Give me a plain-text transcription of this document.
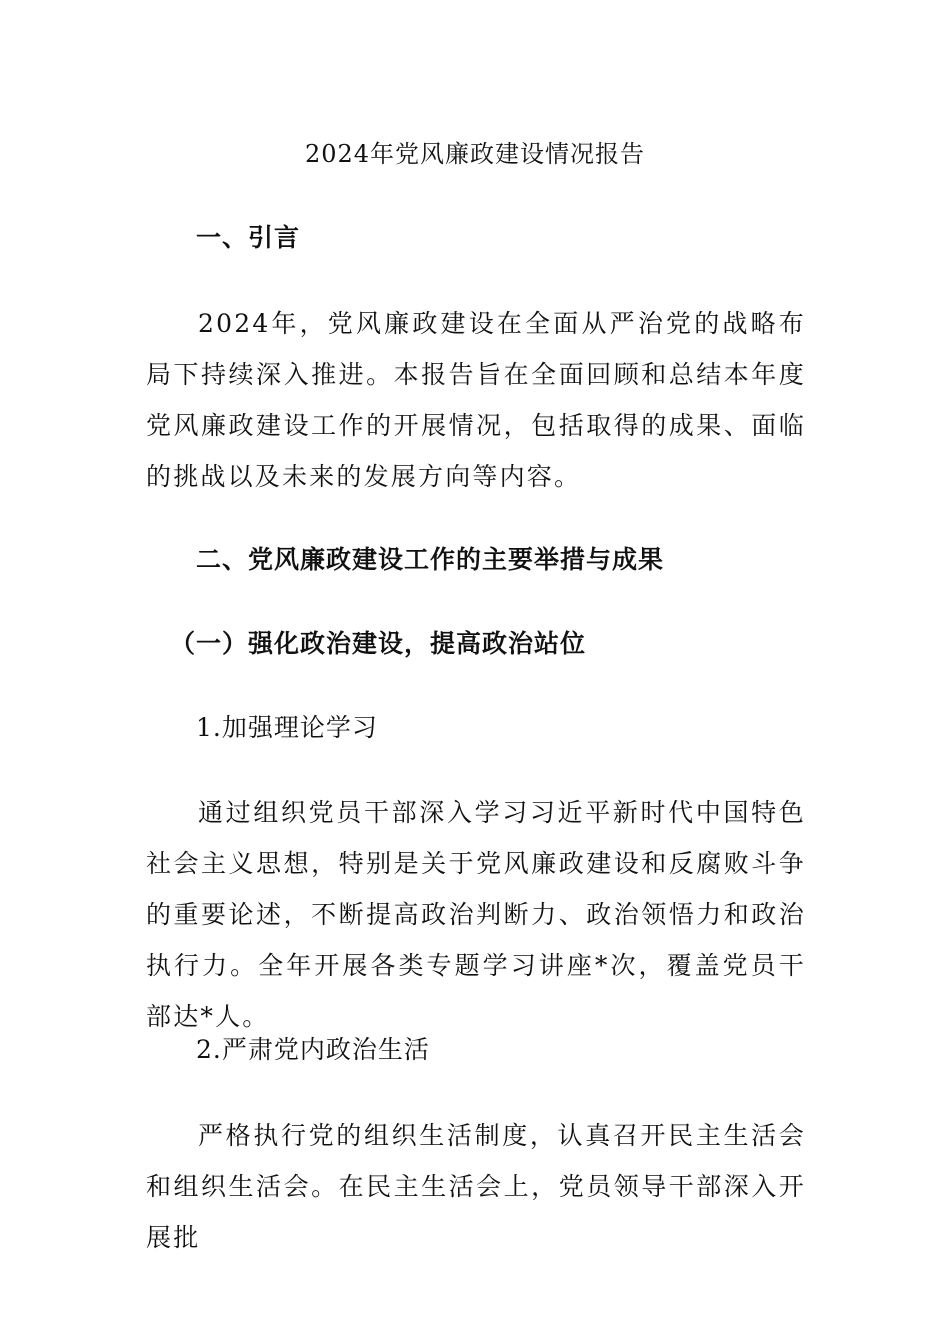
2024年党风廉政建设情况报告
一、引言

2024年，党风廉政建设在全面从严治党的战略布局下持续深入推进。本报告旨在全面回顾和总结本年度党风廉政建设工作的开展情况，包括取得的成果、面临的挑战以及未来的发展方向等内容。

二、党风廉政建设工作的主要举措与成果
（一）强化政治建设，提高政治站位
1.加强理论学习

通过组织党员干部深入学习习近平新时代中国特色社会主义思想，特别是关于党风廉政建设和反腐败斗争的重要论述，不断提高政治判断力、政治领悟力和政治执行力。全年开展各类专题学习讲座*次，覆盖党员干部达*人。

2.严肃党内政治生活

严格执行党的组织生活制度，认真召开民主生活会和组织生活会。在民主生活会上，党员领导干部深入开展批
